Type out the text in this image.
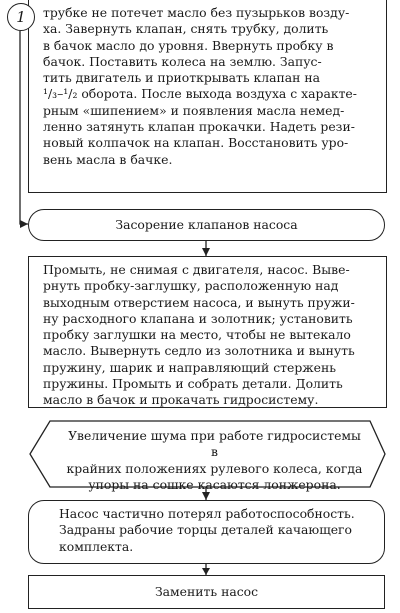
трубке не потечет масло без пузырьков возду-
ха. Завернуть клапан, снять трубку, долить
в бачок масло до уровня. Ввернуть пробку в
бачок. Поставить колеса на землю. Запус-
тить двигатель и приоткрывать клапан на
¹/₃–¹/₂ оборота. После выхода воздуха с характе-
рным «шипением» и появления масла немед-
ленно затянуть клапан прокачки. Надеть рези-
новый колпачок на клапан. Восстановить уро-
вень масла в бачке.

1
Засорение клапанов насоса

Промыть, не снимая с двигателя, насос. Выве-
рнуть пробку-заглушку, расположенную над
выходным отверстием насоса, и вынуть пружи-
ну расходного клапана и золотник; установить
пробку заглушки на место, чтобы не вытекало
масло. Вывернуть седло из золотника и вынуть
пружину, шарик и направляющий стержень
пружины. Промыть и собрать детали. Долить
масло в бачок и прокачать гидросистему.

Увеличение шума при работе гидросистемы в
крайних положениях рулевого колеса, когда
упоры на сошке касаются лонжерона.

Насос частично потерял работоспособность.
Задраны рабочие торцы деталей качающего
комплекта.

Заменить насос
